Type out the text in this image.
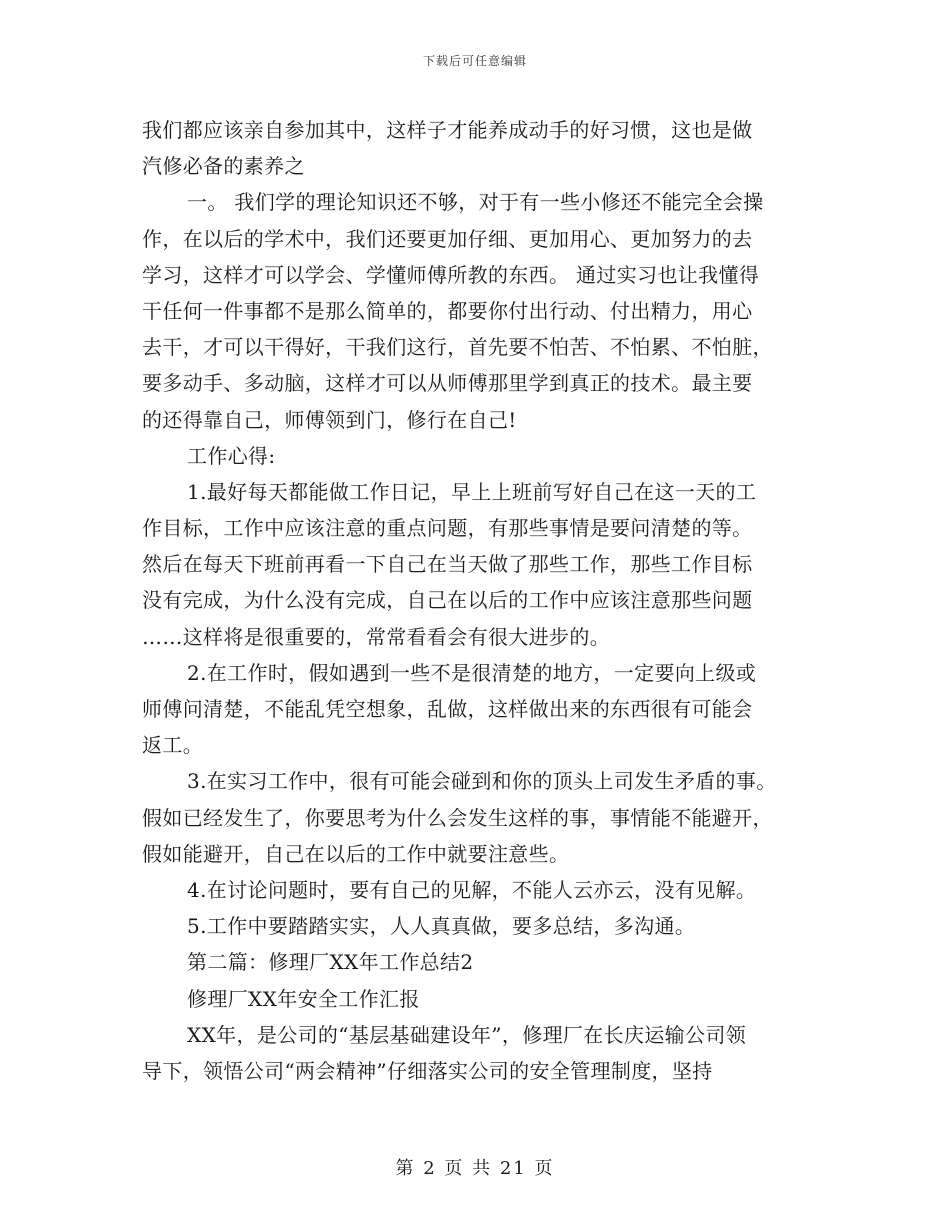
下载后可任意编辑
我们都应该亲自参加其中，这样子才能养成动手的好习惯，这也是做
汽修必备的素养之
一。 我们学的理论知识还不够，对于有一些小修还不能完全会操
作，在以后的学术中，我们还要更加仔细、更加用心、更加努力的去
学习，这样才可以学会、学懂师傅所教的东西。 通过实习也让我懂得
干任何一件事都不是那么简单的，都要你付出行动、付出精力，用心
去干，才可以干得好，干我们这行，首先要不怕苦、不怕累、不怕脏，
要多动手、多动脑，这样才可以从师傅那里学到真正的技术。最主要
的还得靠自己，师傅领到门，修行在自己!
工作心得:
1.最好每天都能做工作日记，早上上班前写好自己在这一天的工
作目标，工作中应该注意的重点问题，有那些事情是要问清楚的等。
然后在每天下班前再看一下自己在当天做了那些工作，那些工作目标
没有完成，为什么没有完成，自己在以后的工作中应该注意那些问题
……这样将是很重要的，常常看看会有很大进步的。
2.在工作时，假如遇到一些不是很清楚的地方，一定要向上级或
师傅问清楚，不能乱凭空想象，乱做，这样做出来的东西很有可能会
返工。
3.在实习工作中，很有可能会碰到和你的顶头上司发生矛盾的事。
假如已经发生了，你要思考为什么会发生这样的事，事情能不能避开，
假如能避开，自己在以后的工作中就要注意些。
4.在讨论问题时，要有自己的见解，不能人云亦云，没有见解。
5.工作中要踏踏实实，人人真真做，要多总结，多沟通。
第二篇：修理厂XX年工作总结2
修理厂XX年安全工作汇报
XX年，是公司的“基层基础建设年”，修理厂在长庆运输公司领
导下，领悟公司“两会精神”仔细落实公司的安全管理制度，坚持
第 2 页 共 21 页
